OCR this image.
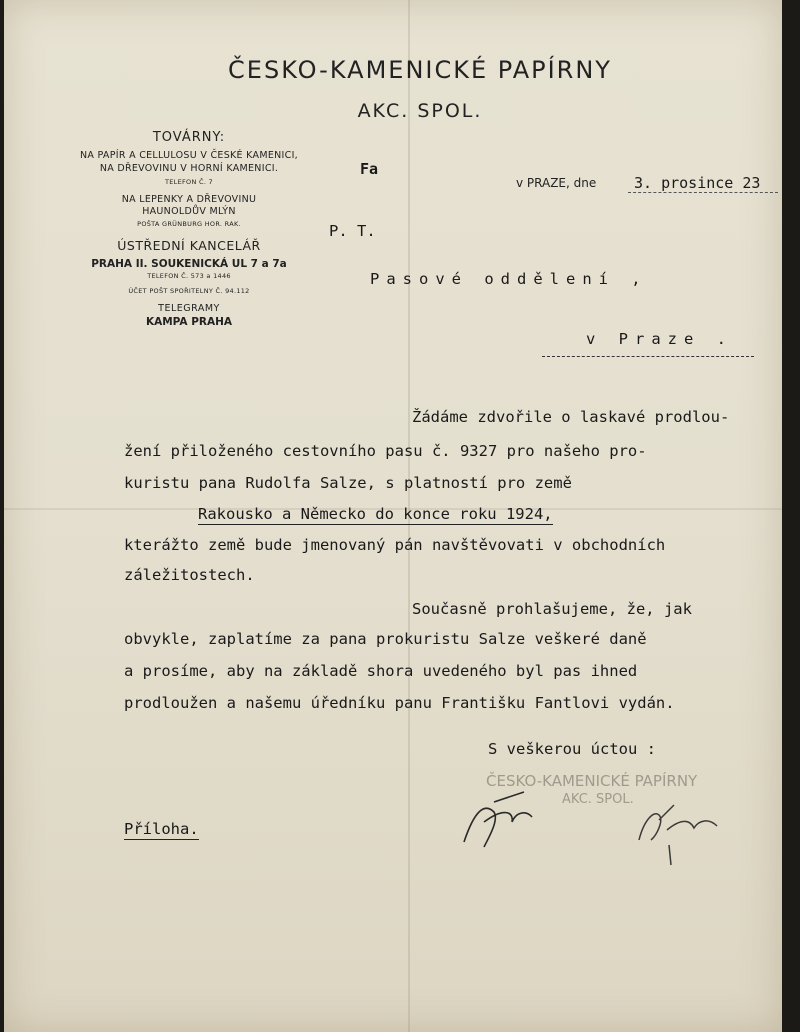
ČESKO-KAMENICKÉ PAPÍRNY
AKC. SPOL.
TOVÁRNY:
NA PAPÍR A CELLULOSU V ČESKÉ KAMENICI,
NA DŘEVOVINU V HORNÍ KAMENICI.
TELEFON Č. 7
NA LEPENKY A DŘEVOVINU
HAUNOLDŮV MLÝN
POŠTA GRÜNBURG HOR. RAK.
ÚSTŘEDNÍ KANCELÁŘ
PRAHA II. SOUKENICKÁ UL 7 a 7a
TELEFON Č. 573 a 1446
ÚČET POŠT SPOŘITELNY Č. 94.112
TELEGRAMY
KAMPA PRAHA
Fa
v PRAZE, dne	3. prosince 23
P. T.
Pasové oddělení ,
v Praze .
Žádáme zdvořile o laskavé prodlou-
žení přiloženého cestovního pasu č. 9327 pro našeho pro-
kuristu pana Rudolfa Salze, s platností pro země
Rakousko a Německo do konce roku 1924,
kterážto země bude jmenovaný pán navštěvovati v obchodních
záležitostech.
Současně prohlašujeme, že, jak
obvykle, zaplatíme za pana prokuristu Salze veškeré daně
a prosíme, aby na základě shora uvedeného byl pas ihned
prodloužen a našemu úředníku panu Františku Fantlovi vydán.
S veškerou úctou :
ČESKO-KAMENICKÉ PAPÍRNY
AKC. SPOL.
Příloha.
